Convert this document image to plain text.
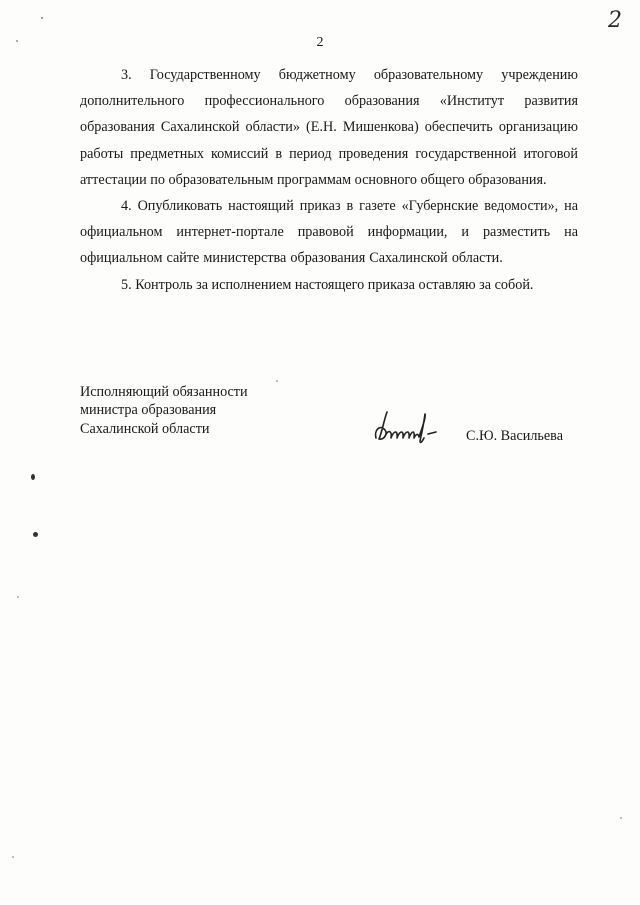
2
2

3. Государственному бюджетному образовательному учреждению дополнительного профессионального образования «Институт развития образования Сахалинской области» (Е.Н. Мишенкова) обеспечить организацию работы предметных комиссий в период проведения государственной итоговой аттестации по образовательным программам основного общего образования.

4. Опубликовать настоящий приказ в газете «Губернские ведомости», на официальном интернет-портале правовой информации, и разместить на официальном сайте министерства образования Сахалинской области.

5. Контроль за исполнением настоящего приказа оставляю за собой.

Исполняющий обязанности
министра образования
Сахалинской области	С.Ю. Васильева
